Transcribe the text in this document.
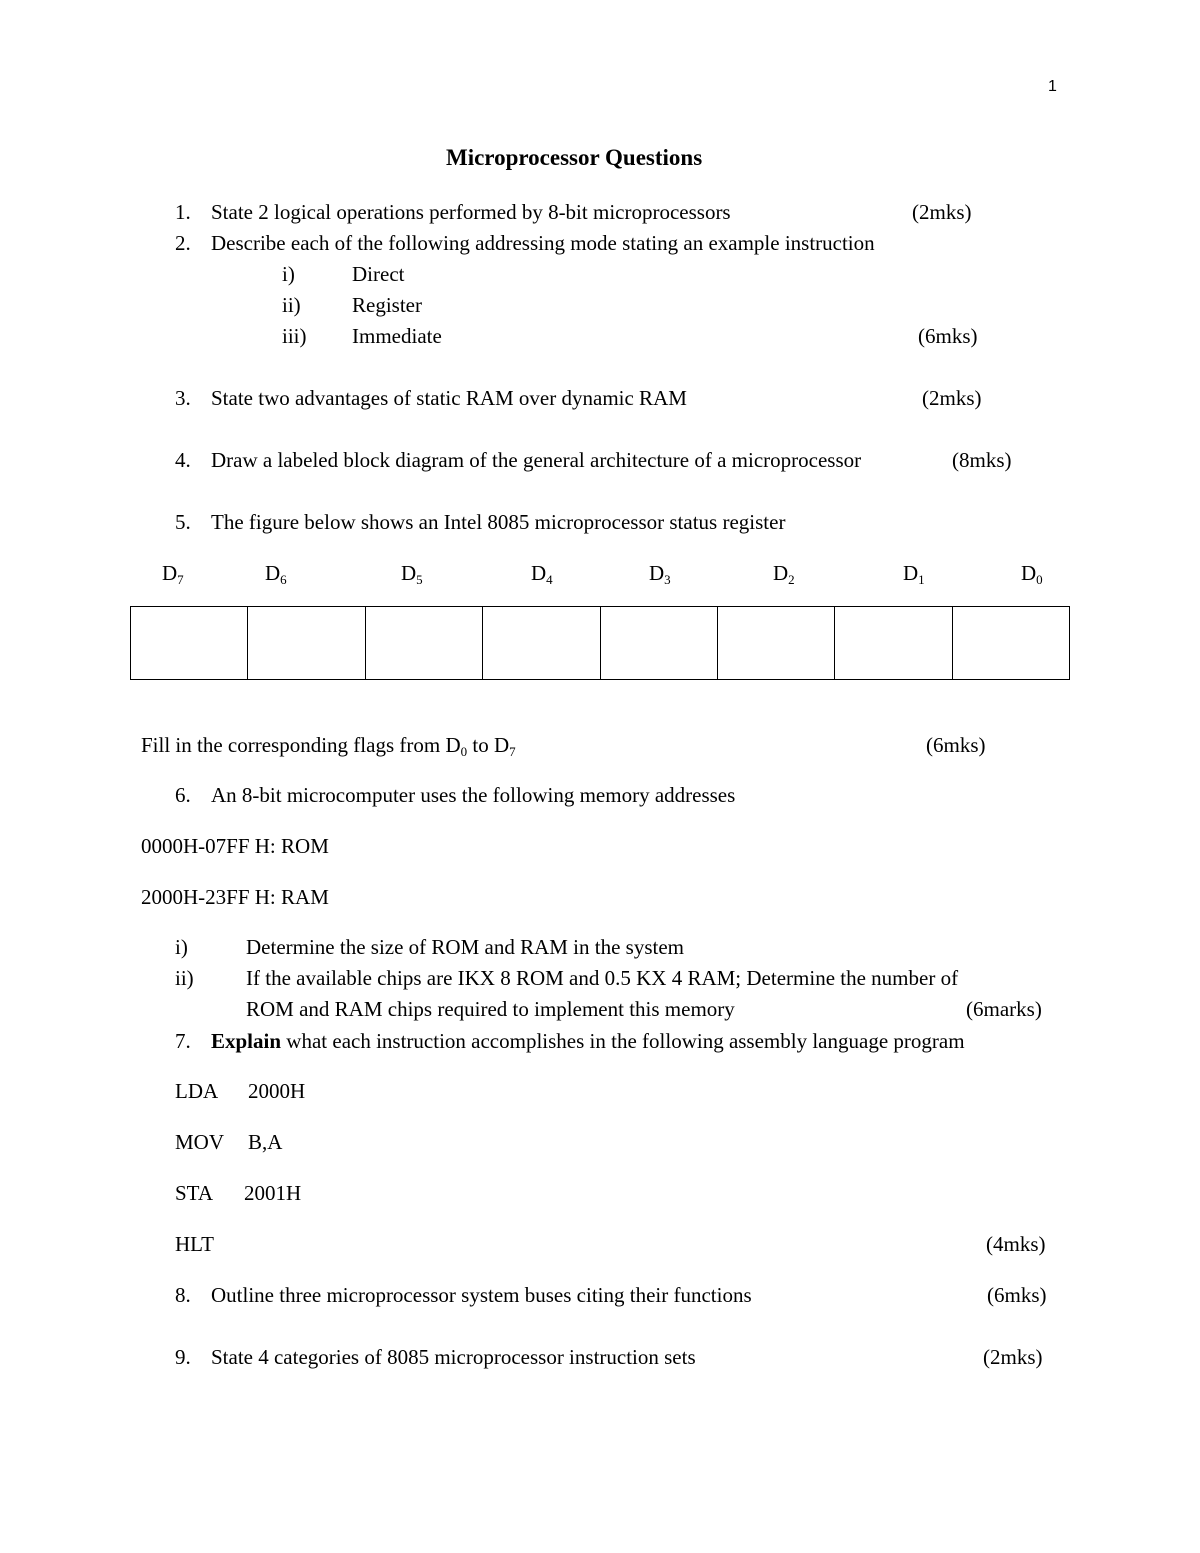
1
Microprocessor Questions
1. State 2 logical operations performed by 8-bit microprocessors	(2mks)
2. Describe each of the following addressing mode stating an example instruction
i)	Direct
ii) Register
iii) Immediate	(6mks)
3. State two advantages of static RAM over dynamic RAM	(2mks)
4. Draw a labeled block diagram of the general architecture of a microprocessor	(8mks)
5. The figure below shows an Intel 8085 microprocessor status register
$D_7$	$D_6$	$D_5$	$D_4$	$D_3$	$D_2$	$D_1$	$D_0$

Fill in the corresponding flags from $D_0$ to $D_7$	(6mks)
6. An 8-bit microcomputer uses the following memory addresses
0000H-07FF H: ROM
2000H-23FF H: RAM
i)	Determine the size of ROM and RAM in the system
ii) If the available chips are IKX 8 ROM and 0.5 KX 4 RAM; Determine the number of
ROM and RAM chips required to implement this memory	(6marks)
7. Explain what each instruction accomplishes in the following assembly language program
LDA 2000H
MOV B,A
STA 2001H
HLT	(4mks)
8. Outline three microprocessor system buses citing their functions	(6mks)
9. State 4 categories of 8085 microprocessor instruction sets	(2mks)
